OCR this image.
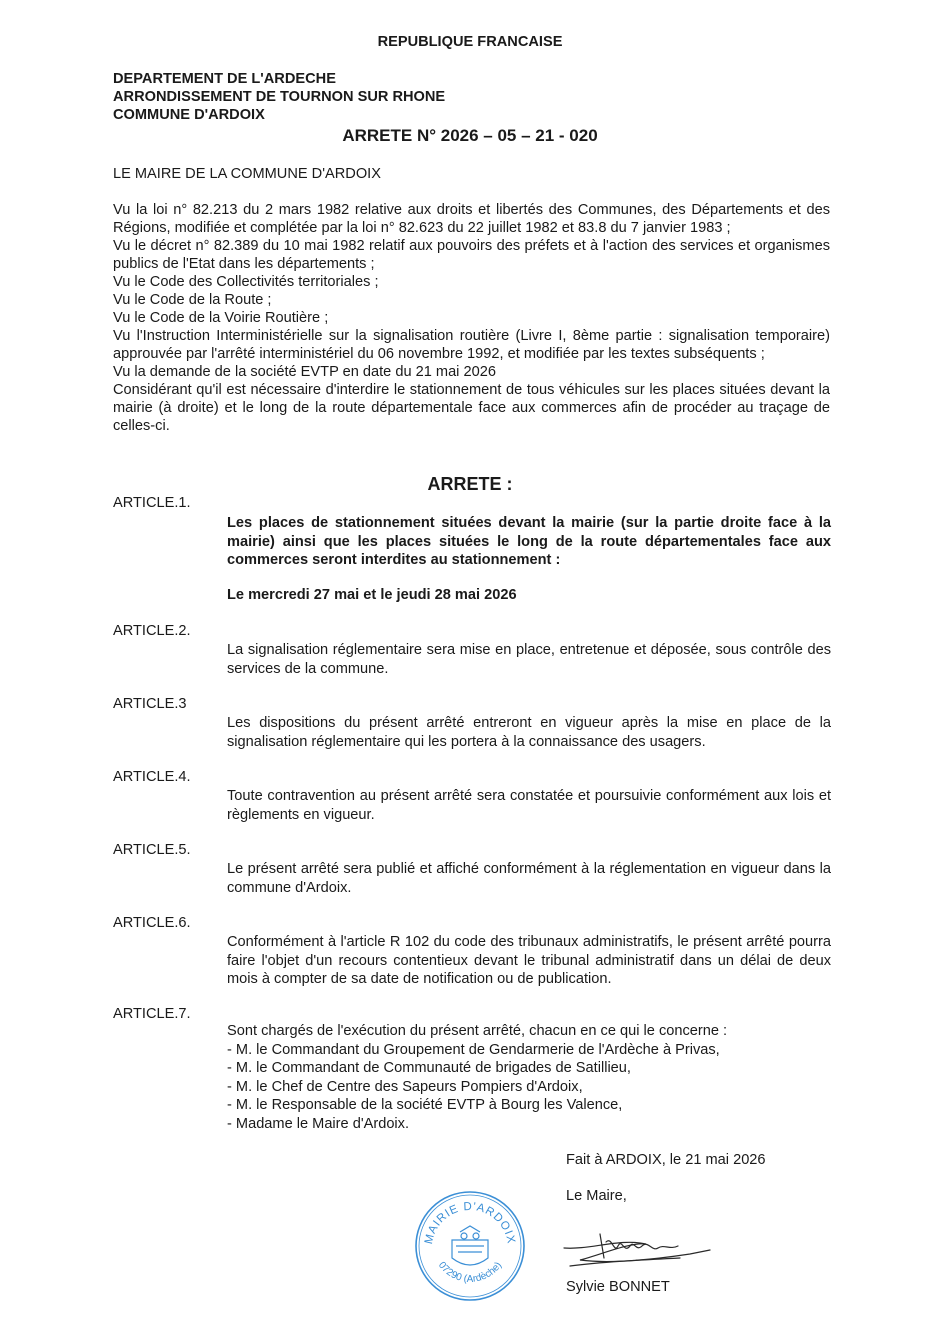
REPUBLIQUE FRANCAISE
DEPARTEMENT DE L'ARDECHE
ARRONDISSEMENT DE TOURNON SUR RHONE
COMMUNE D'ARDOIX
ARRETE N° 2026 – 05 – 21 - 020
LE MAIRE DE LA COMMUNE D'ARDOIX

Vu la loi n° 82.213 du 2 mars 1982 relative aux droits et libertés des Communes, des Départements et des Régions, modifiée et complétée par la loi n° 82.623 du 22 juillet 1982 et 83.8 du 7 janvier 1983 ;

Vu le décret n° 82.389 du 10 mai 1982 relatif aux pouvoirs des préfets et à l'action des services et organismes publics de l'Etat dans les départements ;

Vu le Code des Collectivités territoriales ;

Vu le Code de la Route ;

Vu le Code de la Voirie Routière ;

Vu l'Instruction Interministérielle sur la signalisation routière (Livre I, 8ème partie : signalisation temporaire) approuvée par l'arrêté interministériel du 06 novembre 1992, et modifiée par les textes subséquents ;

Vu la demande de la société EVTP en date du 21 mai 2026

Considérant qu'il est nécessaire d'interdire le stationnement de tous véhicules sur les places situées devant la mairie (à droite) et le long de la route départementale face aux commerces afin de procéder au traçage de celles-ci.

ARRETE :
ARTICLE.1.
Les places de stationnement situées devant la mairie (sur la partie droite face à la mairie) ainsi que les places situées le long de la route départementales face aux commerces seront interdites au stationnement :
Le mercredi 27 mai et le jeudi 28 mai 2026
ARTICLE.2.
La signalisation réglementaire sera mise en place, entretenue et déposée, sous contrôle des services de la commune.
ARTICLE.3
Les dispositions du présent arrêté entreront en vigueur après la mise en place de la signalisation réglementaire qui les portera à la connaissance des usagers.
ARTICLE.4.
Toute contravention au présent arrêté sera constatée et poursuivie conformément aux lois et règlements en vigueur.
ARTICLE.5.
Le présent arrêté sera publié et affiché conformément à la réglementation en vigueur dans la commune d'Ardoix.
ARTICLE.6.
Conformément à l'article R 102 du code des tribunaux administratifs, le présent arrêté pourra faire l'objet d'un recours contentieux devant le tribunal administratif dans un délai de deux mois à compter de sa date de notification ou de publication.
ARTICLE.7.
Sont chargés de l'exécution du présent arrêté, chacun en ce qui le concerne :
- M. le Commandant du Groupement de Gendarmerie de l'Ardèche à Privas,
- M. le Commandant de Communauté de brigades de Satillieu,
- M. le Chef de Centre des Sapeurs Pompiers d'Ardoix,
- M. le Responsable de la société EVTP à Bourg les Valence,
- Madame le Maire d'Ardoix.
Fait à ARDOIX, le 21 mai 2026
Le Maire,
MAIRIE D'ARDOIX
07290 (Ardèche)
Sylvie BONNET
